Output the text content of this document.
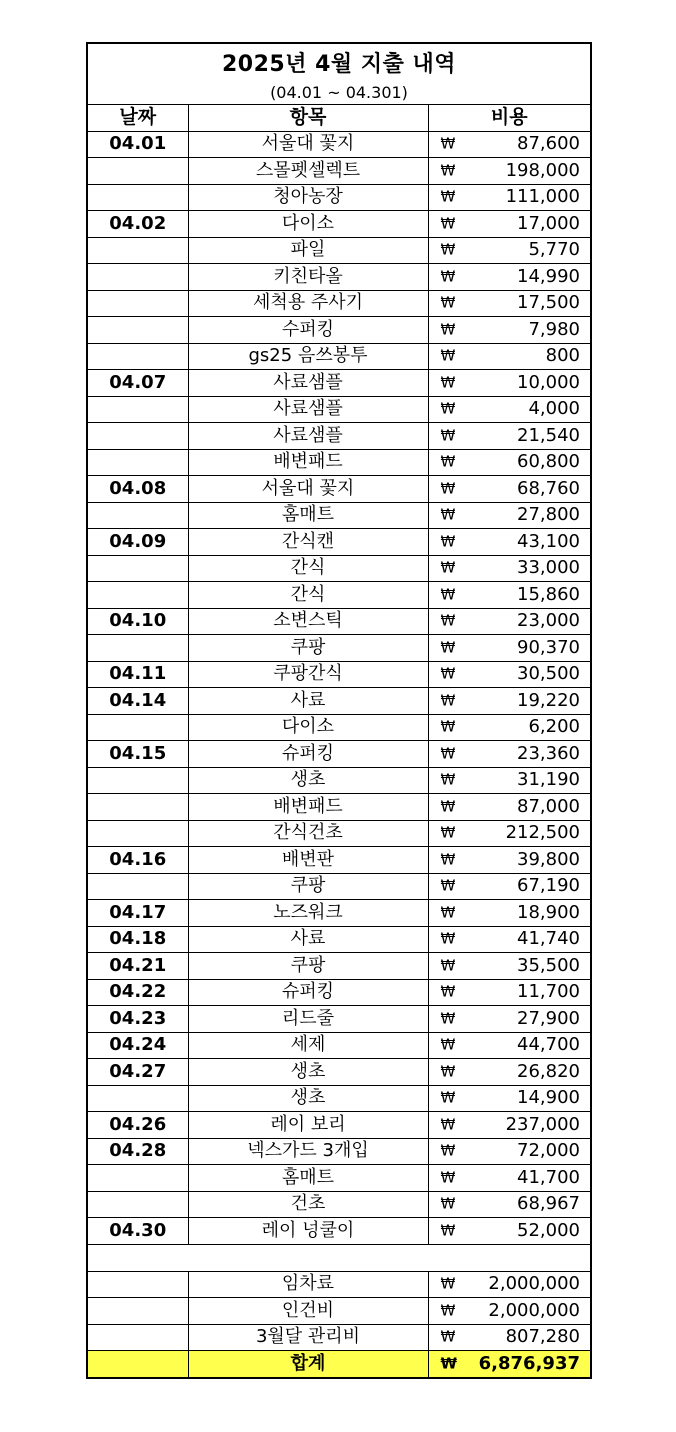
2025년 4월 지출 내역
(04.01 ~ 04.301)
날짜	항목	비용
04.01	서울대 꽃지	₩ 87,600

	스몰펫셀렉트	₩ 198,000

	청아농장	₩ 111,000

04.02	다이소	₩ 17,000

	파일	₩ 5,770

	키친타올	₩ 14,990

	세척용 주사기	₩ 17,500

	수퍼킹	₩ 7,980

	gs25 음쓰봉투	₩ 800

04.07	사료샘플	₩ 10,000

	사료샘플	₩ 4,000

	사료샘플	₩ 21,540

	배변패드	₩ 60,800

04.08	서울대 꽃지	₩ 68,760

	홈매트	₩ 27,800

04.09	간식캔	₩ 43,100

	간식	₩ 33,000

	간식	₩ 15,860

04.10	소변스틱	₩ 23,000

	쿠팡	₩ 90,370

04.11	쿠팡간식	₩ 30,500

04.14	사료	₩ 19,220

	다이소	₩ 6,200

04.15	슈퍼킹	₩ 23,360

	생초	₩ 31,190

	배변패드	₩ 87,000

	간식건초	₩ 212,500

04.16	배변판	₩ 39,800

	쿠팡	₩ 67,190

04.17	노즈워크	₩ 18,900

04.18	사료	₩ 41,740

04.21	쿠팡	₩ 35,500

04.22	슈퍼킹	₩ 11,700

04.23	리드줄	₩ 27,900

04.24	세제	₩ 44,700

04.27	생초	₩ 26,820

	생초	₩ 14,900

04.26	레이 보리	₩ 237,000

04.28	넥스가드 3개입	₩ 72,000

	홈매트	₩ 41,700

	건초	₩ 68,967

04.30	레이 넝쿨이	₩ 52,000

	임차료	₩ 2,000,000

	인건비	₩ 2,000,000

	3월달 관리비	₩ 807,280

	합계	₩ 6,876,937
